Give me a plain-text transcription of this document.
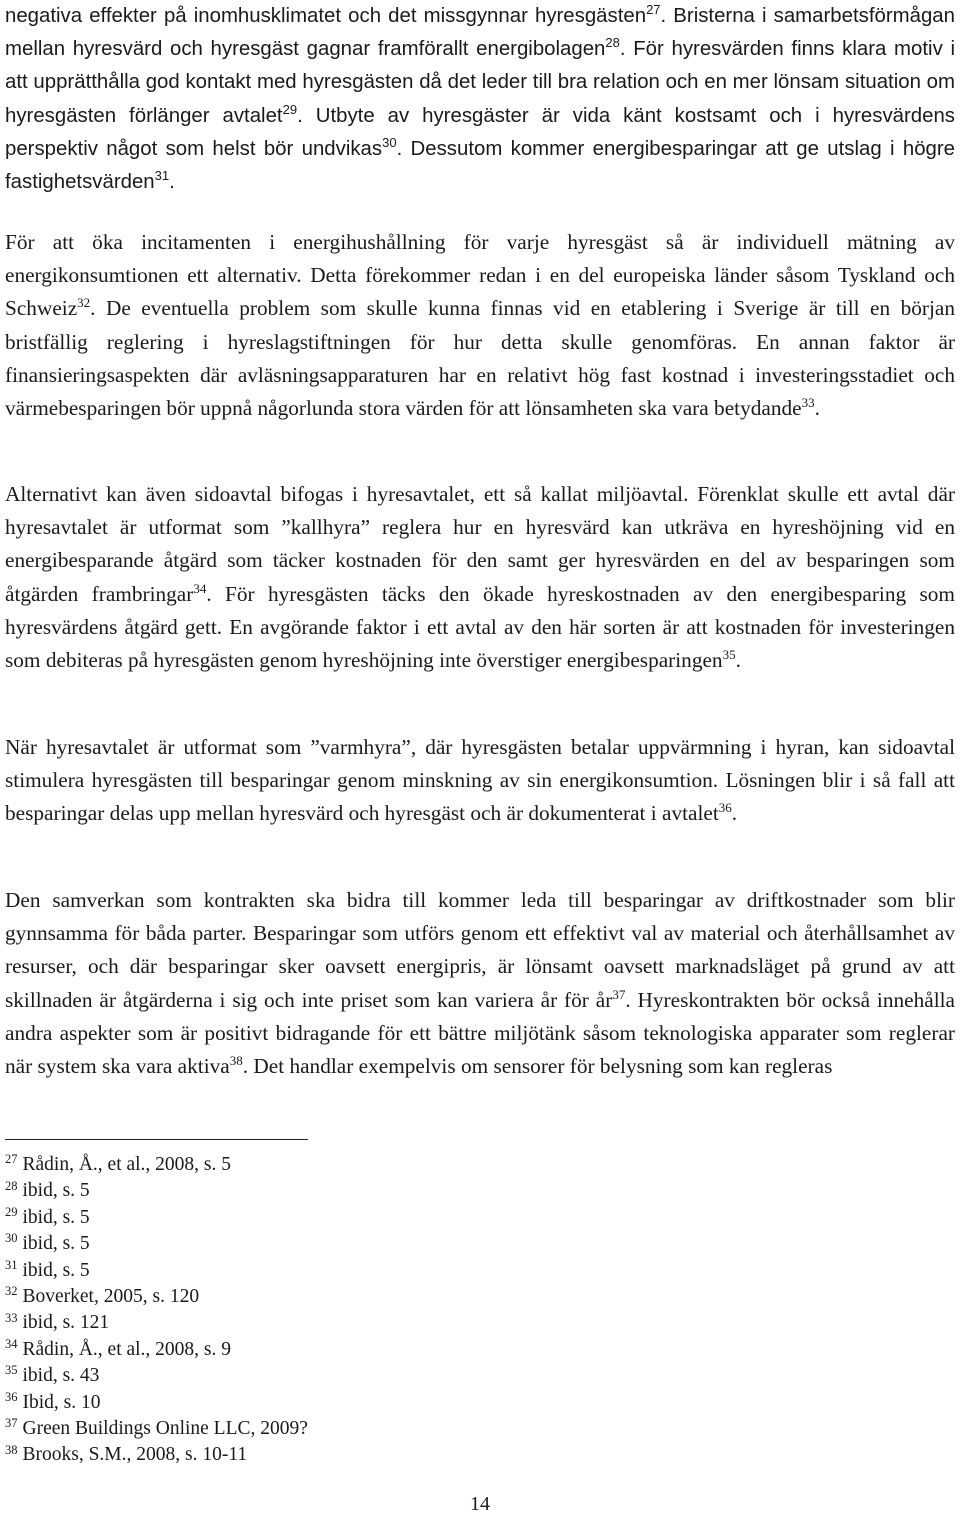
negativa effekter på inomhusklimatet och det missgynnar hyresgästen$^{27}$. Bristerna i samarbetsförmågan mellan hyresvärd och hyresgäst gagnar framförallt energibolagen$^{28}$. För hyresvärden finns klara motiv i att upprätthålla god kontakt med hyresgästen då det leder till bra relation och en mer lönsam situation om hyresgästen förlänger avtalet$^{29}$. Utbyte av hyresgäster är vida känt kostsamt och i hyresvärdens perspektiv något som helst bör undvikas$^{30}$. Dessutom kommer energibesparingar att ge utslag i högre fastighetsvärden$^{31}$.

För att öka incitamenten i energihushållning för varje hyresgäst så är individuell mätning av energikonsumtionen ett alternativ. Detta förekommer redan i en del europeiska länder såsom Tyskland och Schweiz$^{32}$. De eventuella problem som skulle kunna finnas vid en etablering i Sverige är till en början bristfällig reglering i hyreslagstiftningen för hur detta skulle genomföras. En annan faktor är finansieringsaspekten där avläsningsapparaturen har en relativt hög fast kostnad i investeringsstadiet och värmebesparingen bör uppnå någorlunda stora värden för att lönsamheten ska vara betydande$^{33}$.

Alternativt kan även sidoavtal bifogas i hyresavtalet, ett så kallat miljöavtal. Förenklat skulle ett avtal där hyresavtalet är utformat som ”kallhyra” reglera hur en hyresvärd kan utkräva en hyreshöjning vid en energibesparande åtgärd som täcker kostnaden för den samt ger hyresvärden en del av besparingen som åtgärden frambringar$^{34}$. För hyresgästen täcks den ökade hyreskostnaden av den energibesparing som hyresvärdens åtgärd gett. En avgörande faktor i ett avtal av den här sorten är att kostnaden för investeringen som debiteras på hyresgästen genom hyreshöjning inte överstiger energibesparingen$^{35}$.

När hyresavtalet är utformat som ”varmhyra”, där hyresgästen betalar uppvärmning i hyran, kan sidoavtal stimulera hyresgästen till besparingar genom minskning av sin energikonsumtion. Lösningen blir i så fall att besparingar delas upp mellan hyresvärd och hyresgäst och är dokumenterat i avtalet$^{36}$.

Den samverkan som kontrakten ska bidra till kommer leda till besparingar av driftkostnader som blir gynnsamma för båda parter. Besparingar som utförs genom ett effektivt val av material och återhållsamhet av resurser, och där besparingar sker oavsett energipris, är lönsamt oavsett marknadsläget på grund av att skillnaden är åtgärderna i sig och inte priset som kan variera år för $år^{37}$. Hyreskontrakten bör också innehålla andra aspekter som är positivt bidragande för ett bättre miljötänk såsom teknologiska apparater som reglerar när system ska vara aktiva$^{38}$. Det handlar exempelvis om sensorer för belysning som kan regleras

$^{27}$ Rådin, Å., et al., 2008, s. 5
$^{28}$ ibid, s. 5
$^{29}$ ibid, s. 5
$^{30}$ ibid, s. 5
$^{31}$ ibid, s. 5
$^{32}$ Boverket, 2005, s. 120
$^{33}$ ibid, s. 121
$^{34}$ Rådin, Å., et al., 2008, s. 9
$^{35}$ ibid, s. 43
$^{36}$ Ibid, s. 10
$^{37}$ Green Buildings Online LLC, 2009?
$^{38}$ Brooks, S.M., 2008, s. 10-11
14
